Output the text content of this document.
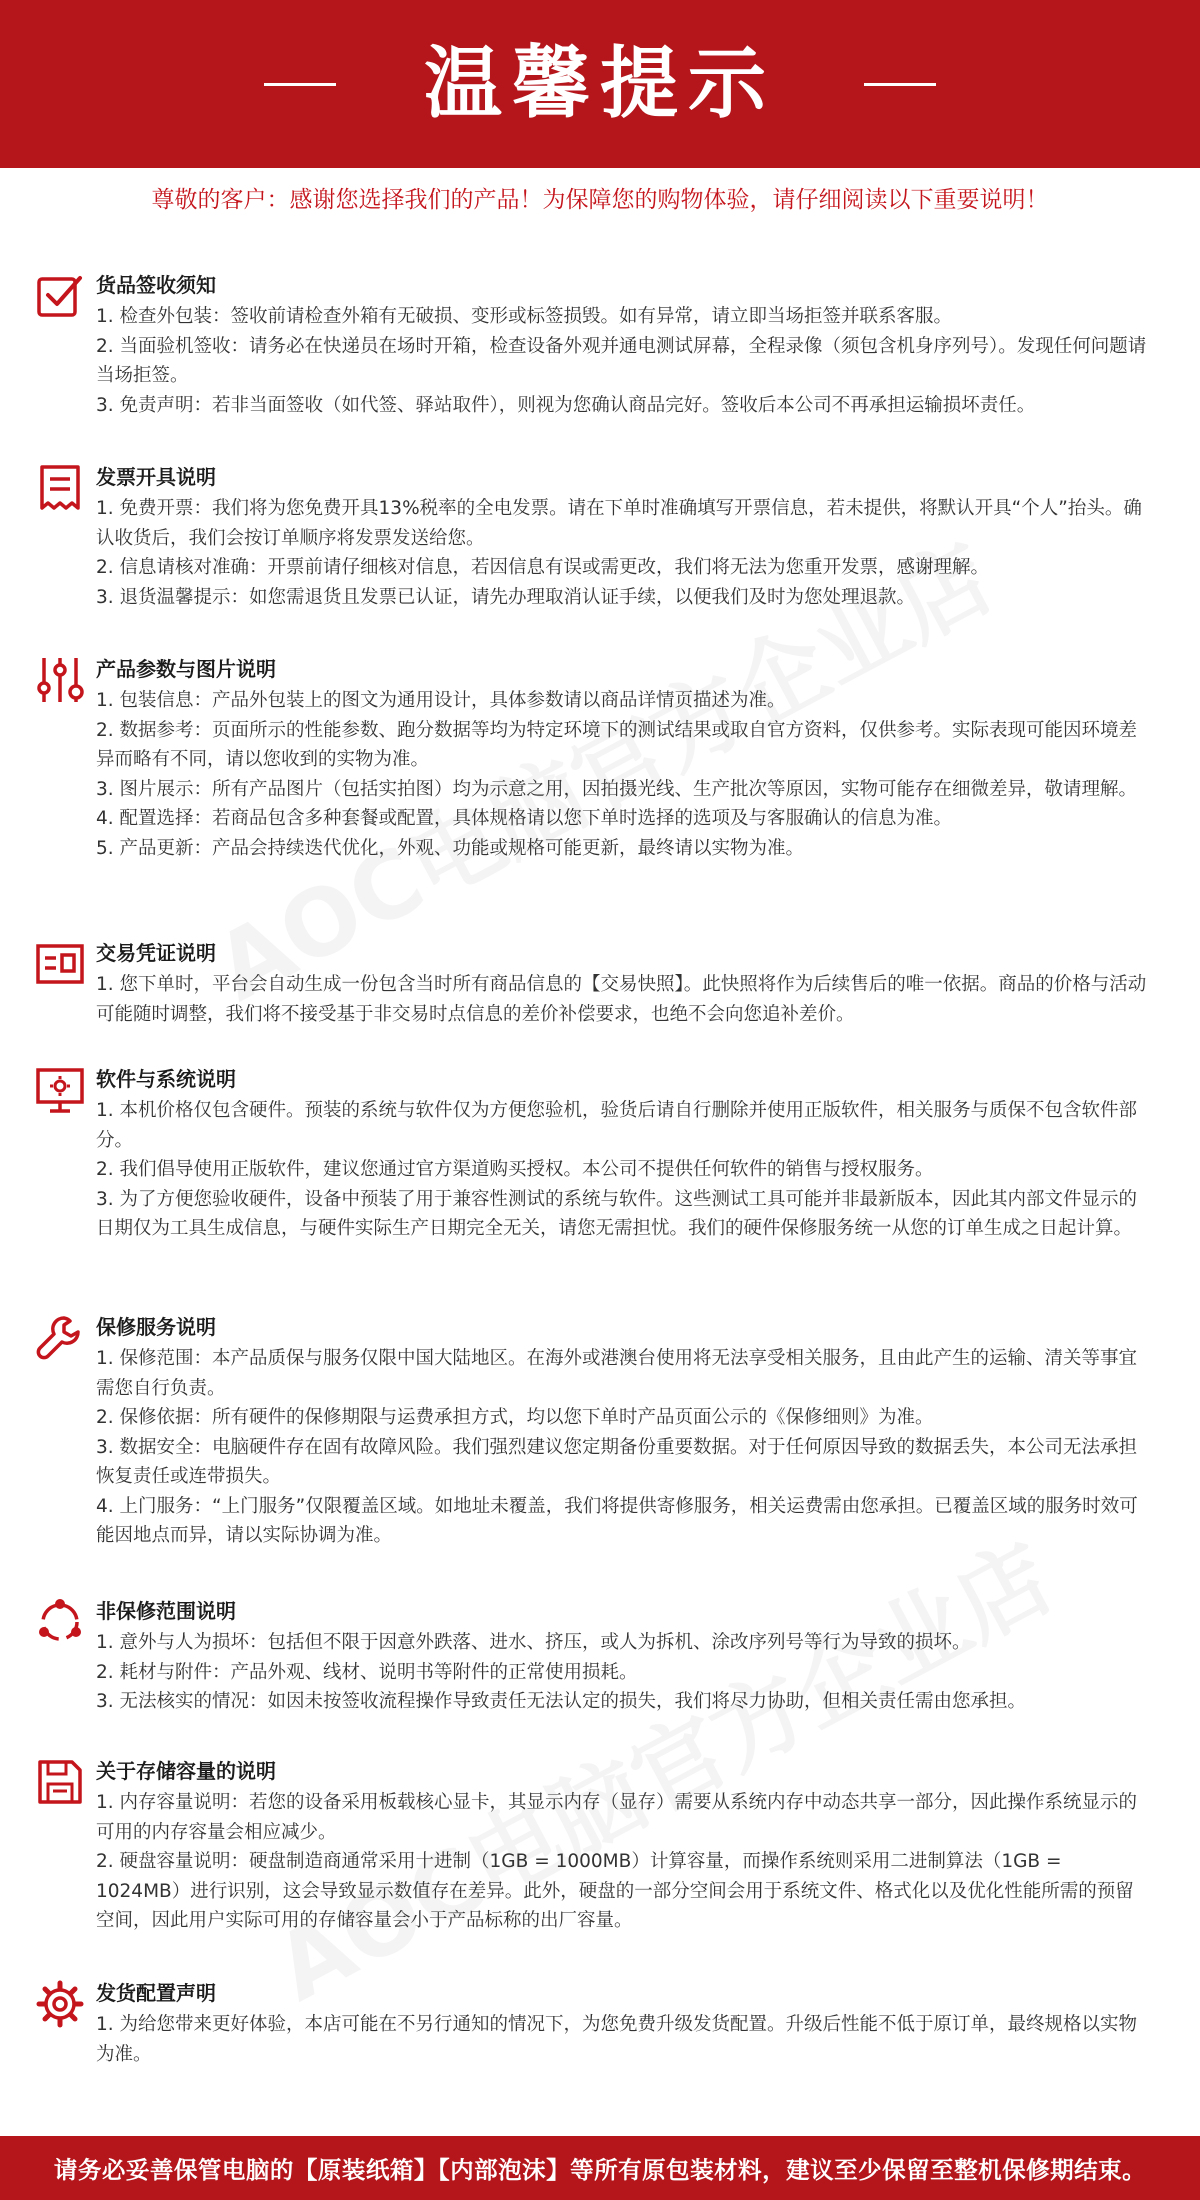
温馨提示
尊敬的客户：感谢您选择我们的产品！为保障您的购物体验，请仔细阅读以下重要说明！
货品签收须知

1. 检查外包装：签收前请检查外箱有无破损、变形或标签损毁。如有异常，请立即当场拒签并联系客服。

2. 当面验机签收：请务必在快递员在场时开箱，检查设备外观并通电测试屏幕，全程录像（须包含机身序列号）。发现任何问题请当场拒签。

3. 免责声明：若非当面签收（如代签、驿站取件），则视为您确认商品完好。签收后本公司不再承担运输损坏责任。

发票开具说明

1. 免费开票：我们将为您免费开具13%税率的全电发票。请在下单时准确填写开票信息，若未提供，将默认开具“个人”抬头。确认收货后，我们会按订单顺序将发票发送给您。

2. 信息请核对准确：开票前请仔细核对信息，若因信息有误或需更改，我们将无法为您重开发票，感谢理解。

3. 退货温馨提示：如您需退货且发票已认证，请先办理取消认证手续，以便我们及时为您处理退款。

产品参数与图片说明

1. 包装信息：产品外包装上的图文为通用设计，具体参数请以商品详情页描述为准。

2. 数据参考：页面所示的性能参数、跑分数据等均为特定环境下的测试结果或取自官方资料，仅供参考。实际表现可能因环境差异而略有不同，请以您收到的实物为准。

3. 图片展示：所有产品图片（包括实拍图）均为示意之用，因拍摄光线、生产批次等原因，实物可能存在细微差异，敬请理解。

4. 配置选择：若商品包含多种套餐或配置，具体规格请以您下单时选择的选项及与客服确认的信息为准。

5. 产品更新：产品会持续迭代优化，外观、功能或规格可能更新，最终请以实物为准。

交易凭证说明

1. 您下单时，平台会自动生成一份包含当时所有商品信息的【交易快照】。此快照将作为后续售后的唯一依据。商品的价格与活动可能随时调整，我们将不接受基于非交易时点信息的差价补偿要求，也绝不会向您追补差价。

软件与系统说明

1. 本机价格仅包含硬件。预装的系统与软件仅为方便您验机，验货后请自行删除并使用正版软件，相关服务与质保不包含软件部分。

2. 我们倡导使用正版软件，建议您通过官方渠道购买授权。本公司不提供任何软件的销售与授权服务。

3. 为了方便您验收硬件，设备中预装了用于兼容性测试的系统与软件。这些测试工具可能并非最新版本，因此其内部文件显示的日期仅为工具生成信息，与硬件实际生产日期完全无关，请您无需担忧。我们的硬件保修服务统一从您的订单生成之日起计算。

保修服务说明

1. 保修范围：本产品质保与服务仅限中国大陆地区。在海外或港澳台使用将无法享受相关服务，且由此产生的运输、清关等事宜需您自行负责。

2. 保修依据：所有硬件的保修期限与运费承担方式，均以您下单时产品页面公示的《保修细则》为准。

3. 数据安全：电脑硬件存在固有故障风险。我们强烈建议您定期备份重要数据。对于任何原因导致的数据丢失，本公司无法承担恢复责任或连带损失。

4. 上门服务：“上门服务”仅限覆盖区域。如地址未覆盖，我们将提供寄修服务，相关运费需由您承担。已覆盖区域的服务时效可能因地点而异，请以实际协调为准。

非保修范围说明

1. 意外与人为损坏：包括但不限于因意外跌落、进水、挤压，或人为拆机、涂改序列号等行为导致的损坏。

2. 耗材与附件：产品外观、线材、说明书等附件的正常使用损耗。

3. 无法核实的情况：如因未按签收流程操作导致责任无法认定的损失，我们将尽力协助，但相关责任需由您承担。

关于存储容量的说明

1. 内存容量说明：若您的设备采用板载核心显卡，其显示内存（显存）需要从系统内存中动态共享一部分，因此操作系统显示的可用的内存容量会相应减少。

2. 硬盘容量说明：硬盘制造商通常采用十进制（1GB = 1000MB）计算容量，而操作系统则采用二进制算法（1GB = 1024MB）进行识别，这会导致显示数值存在差异。此外，硬盘的一部分空间会用于系统文件、格式化以及优化性能所需的预留空间，因此用户实际可用的存储容量会小于产品标称的出厂容量。

发货配置声明

1. 为给您带来更好体验，本店可能在不另行通知的情况下，为您免费升级发货配置。升级后性能不低于原订单，最终规格以实物为准。

请务必妥善保管电脑的【原装纸箱】【内部泡沫】等所有原包装材料，建议至少保留至整机保修期结束。
